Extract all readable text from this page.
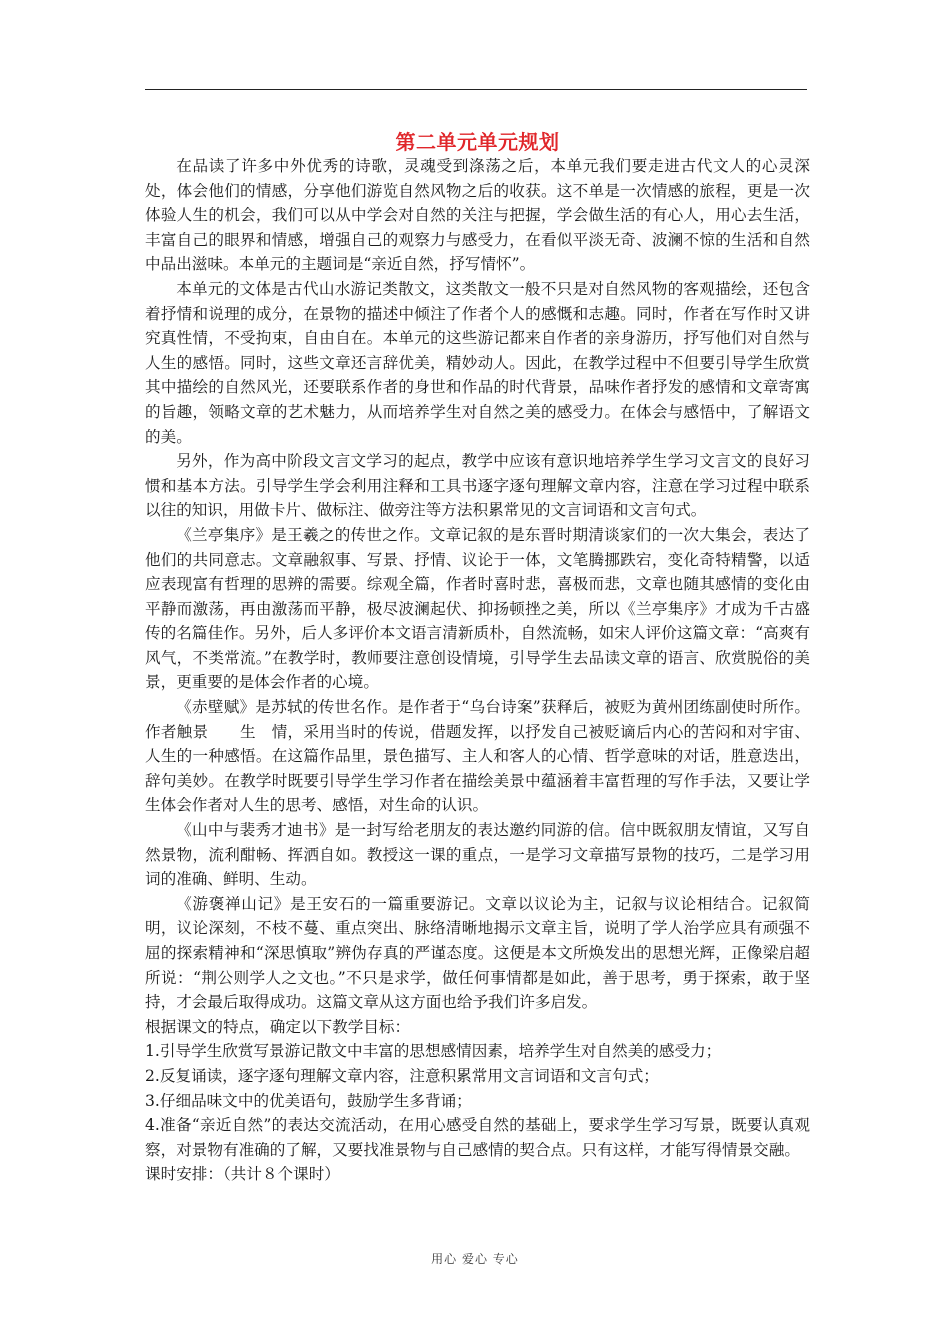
第二单元单元规划

在品读了许多中外优秀的诗歌，灵魂受到涤荡之后，本单元我们要走进古代文人的心灵深处，体会他们的情感，分享他们游览自然风物之后的收获。这不单是一次情感的旅程，更是一次体验人生的机会，我们可以从中学会对自然的关注与把握，学会做生活的有心人，用心去生活，丰富自己的眼界和情感，增强自己的观察力与感受力，在看似平淡无奇、波澜不惊的生活和自然中品出滋味。本单元的主题词是“亲近自然，抒写情怀”。

本单元的文体是古代山水游记类散文，这类散文一般不只是对自然风物的客观描绘，还包含着抒情和说理的成分，在景物的描述中倾注了作者个人的感慨和志趣。同时，作者在写作时又讲究真性情，不受拘束，自由自在。本单元的这些游记都来自作者的亲身游历，抒写他们对自然与人生的感悟。同时，这些文章还言辞优美，精妙动人。因此，在教学过程中不但要引导学生欣赏其中描绘的自然风光，还要联系作者的身世和作品的时代背景，品味作者抒发的感情和文章寄寓的旨趣，领略文章的艺术魅力，从而培养学生对自然之美的感受力。在体会与感悟中，了解语文的美。

另外，作为高中阶段文言文学习的起点，教学中应该有意识地培养学生学习文言文的良好习惯和基本方法。引导学生学会利用注释和工具书逐字逐句理解文章内容，注意在学习过程中联系以往的知识，用做卡片、做标注、做旁注等方法积累常见的文言词语和文言句式。

《兰亭集序》是王羲之的传世之作。文章记叙的是东晋时期清谈家们的一次大集会，表达了他们的共同意志。文章融叙事、写景、抒情、议论于一体，文笔腾挪跌宕，变化奇特精警，以适应表现富有哲理的思辨的需要。综观全篇，作者时喜时悲，喜极而悲，文章也随其感情的变化由平静而激荡，再由激荡而平静，极尽波澜起伏、抑扬顿挫之美，所以《兰亭集序》才成为千古盛传的名篇佳作。另外，后人多评价本文语言清新质朴，自然流畅，如宋人评价这篇文章：“高爽有风气，不类常流。”在教学时，教师要注意创设情境，引导学生去品读文章的语言、欣赏脱俗的美景，更重要的是体会作者的心境。

《赤壁赋》是苏轼的传世名作。是作者于“乌台诗案”获释后，被贬为黄州团练副使时所作。作者触景　　生　情，采用当时的传说，借题发挥，以抒发自己被贬谪后内心的苦闷和对宇宙、人生的一种感悟。在这篇作品里，景色描写、主人和客人的心情、哲学意味的对话，胜意迭出，辞句美妙。在教学时既要引导学生学习作者在描绘美景中蕴涵着丰富哲理的写作手法，又要让学生体会作者对人生的思考、感悟，对生命的认识。

《山中与裴秀才迪书》是一封写给老朋友的表达邀约同游的信。信中既叙朋友情谊，又写自然景物，流利酣畅、挥洒自如。教授这一课的重点，一是学习文章描写景物的技巧，二是学习用词的准确、鲜明、生动。

《游褒禅山记》是王安石的一篇重要游记。文章以议论为主，记叙与议论相结合。记叙简明，议论深刻，不枝不蔓、重点突出、脉络清晰地揭示文章主旨，说明了学人治学应具有顽强不屈的探索精神和“深思慎取”辨伪存真的严谨态度。这便是本文所焕发出的思想光辉，正像梁启超所说：“荆公则学人之文也。”不只是求学，做任何事情都是如此，善于思考，勇于探索，敢于坚持，才会最后取得成功。这篇文章从这方面也给予我们许多启发。

根据课文的特点，确定以下教学目标：

1.引导学生欣赏写景游记散文中丰富的思想感情因素，培养学生对自然美的感受力；

2.反复诵读，逐字逐句理解文章内容，注意积累常用文言词语和文言句式；

3.仔细品味文中的优美语句，鼓励学生多背诵；

4.准备“亲近自然”的表达交流活动，在用心感受自然的基础上，要求学生学习写景，既要认真观察，对景物有准确的了解，又要找准景物与自己感情的契合点。只有这样，才能写得情景交融。

课时安排：（共计８个课时）

用心 爱心 专心
